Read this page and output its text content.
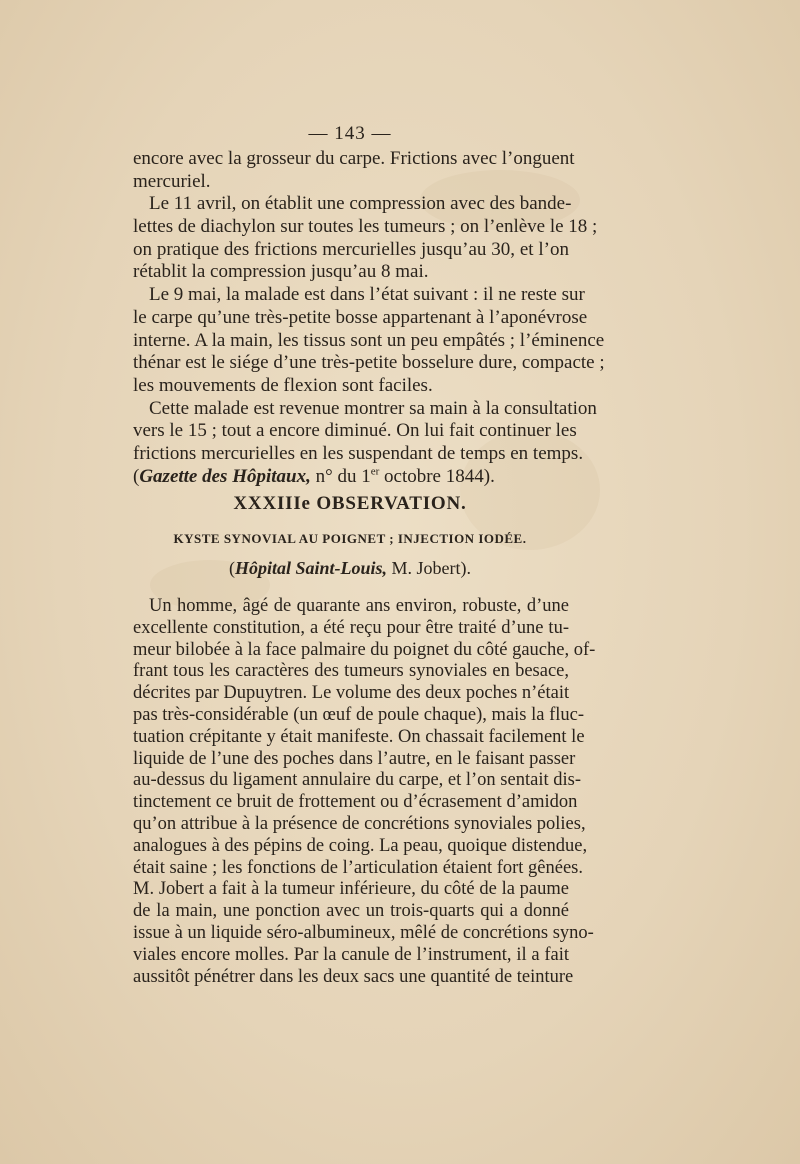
— 143 —
encore avec la grosseur du carpe. Frictions avec l’onguent
mercuriel.
Le 11 avril, on établit une compression avec des bande-
lettes de diachylon sur toutes les tumeurs ; on l’enlève le 18 ;
on pratique des frictions mercurielles jusqu’au 30, et l’on
rétablit la compression jusqu’au 8 mai.
Le 9 mai, la malade est dans l’état suivant : il ne reste sur
le carpe qu’une très-petite bosse appartenant à l’aponévrose
interne. A la main, les tissus sont un peu empâtés ; l’éminence
thénar est le siége d’une très-petite bosselure dure, compacte ;
les mouvements de flexion sont faciles.
Cette malade est revenue montrer sa main à la consultation
vers le 15 ; tout a encore diminué. On lui fait continuer les
frictions mercurielles en les suspendant de temps en temps.
(Gazette des Hôpitaux, n° du 1er octobre 1844).
XXXIIIe OBSERVATION.
KYSTE SYNOVIAL AU POIGNET ; INJECTION IODÉE.
(Hôpital Saint-Louis, M. Jobert).
Un homme, âgé de quarante ans environ, robuste, d’une
excellente constitution, a été reçu pour être traité d’une tu-
meur bilobée à la face palmaire du poignet du côté gauche, of-
frant tous les caractères des tumeurs synoviales en besace,
décrites par Dupuytren. Le volume des deux poches n’était
pas très-considérable (un œuf de poule chaque), mais la fluc-
tuation crépitante y était manifeste. On chassait facilement le
liquide de l’une des poches dans l’autre, en le faisant passer
au-dessus du ligament annulaire du carpe, et l’on sentait dis-
tinctement ce bruit de frottement ou d’écrasement d’amidon
qu’on attribue à la présence de concrétions synoviales polies,
analogues à des pépins de coing. La peau, quoique distendue,
était saine ; les fonctions de l’articulation étaient fort gênées.
M. Jobert a fait à la tumeur inférieure, du côté de la paume
de la main, une ponction avec un trois-quarts qui a donné
issue à un liquide séro-albumineux, mêlé de concrétions syno-
viales encore molles. Par la canule de l’instrument, il a fait
aussitôt pénétrer dans les deux sacs une quantité de teinture
